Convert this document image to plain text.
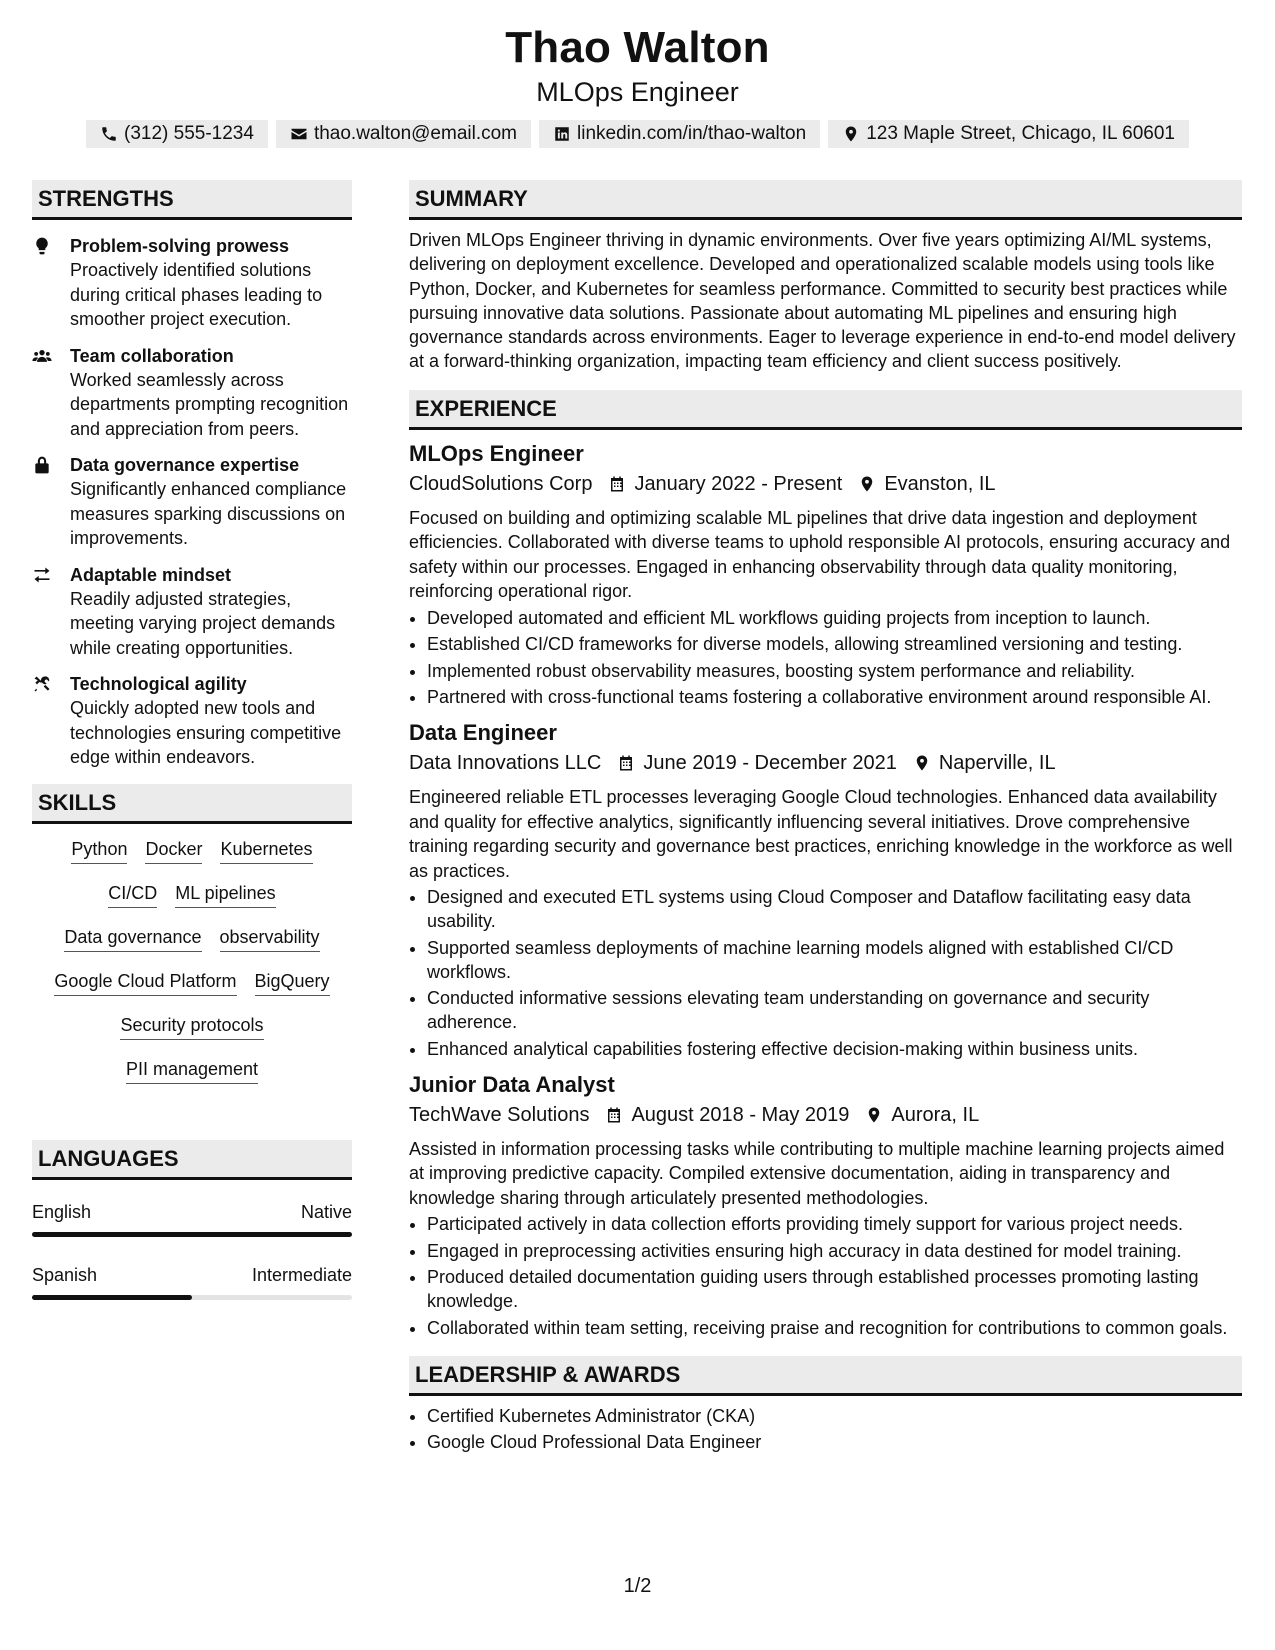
Thao Walton
MLOps Engineer
(312) 555-1234	thao.walton@email.com	linkedin.com/in/thao-walton	123 Maple Street, Chicago, IL 60601
STRENGTHS
Problem-solving prowess
Proactively identified solutions during critical phases leading to smoother project execution.
Team collaboration
Worked seamlessly across departments prompting recognition and appreciation from peers.
Data governance expertise
Significantly enhanced compliance measures sparking discussions on improvements.
Adaptable mindset
Readily adjusted strategies, meeting varying project demands while creating opportunities.
Technological agility
Quickly adopted new tools and technologies ensuring competitive edge within endeavors.
SKILLS
Python Docker Kubernetes
CI/CD ML pipelines
Data governance observability
Google Cloud Platform BigQuery
Security protocols
PII management
LANGUAGES
English	Native
Spanish	Intermediate
SUMMARY
Driven MLOps Engineer thriving in dynamic environments. Over five years optimizing AI/ML systems, delivering on deployment excellence. Developed and operationalized scalable models using tools like Python, Docker, and Kubernetes for seamless performance. Committed to security best practices while pursuing innovative data solutions. Passionate about automating ML pipelines and ensuring high governance standards across environments. Eager to leverage experience in end-to-end model delivery at a forward-thinking organization, impacting team efficiency and client success positively.
EXPERIENCE
MLOps Engineer
CloudSolutions Corp January 2022 - Present Evanston, IL
Focused on building and optimizing scalable ML pipelines that drive data ingestion and deployment efficiencies. Collaborated with diverse teams to uphold responsible AI protocols, ensuring accuracy and safety within our processes. Engaged in enhancing observability through data quality monitoring, reinforcing operational rigor.
• Developed automated and efficient ML workflows guiding projects from inception to launch.
• Established CI/CD frameworks for diverse models, allowing streamlined versioning and testing.
• Implemented robust observability measures, boosting system performance and reliability.
• Partnered with cross-functional teams fostering a collaborative environment around responsible AI.
Data Engineer
Data Innovations LLC June 2019 - December 2021 Naperville, IL
Engineered reliable ETL processes leveraging Google Cloud technologies. Enhanced data availability and quality for effective analytics, significantly influencing several initiatives. Drove comprehensive training regarding security and governance best practices, enriching knowledge in the workforce as well as practices.
• Designed and executed ETL systems using Cloud Composer and Dataflow facilitating easy data usability.
• Supported seamless deployments of machine learning models aligned with established CI/CD workflows.
• Conducted informative sessions elevating team understanding on governance and security adherence.
• Enhanced analytical capabilities fostering effective decision-making within business units.
Junior Data Analyst
TechWave Solutions August 2018 - May 2019 Aurora, IL
Assisted in information processing tasks while contributing to multiple machine learning projects aimed at improving predictive capacity. Compiled extensive documentation, aiding in transparency and knowledge sharing through articulately presented methodologies.
• Participated actively in data collection efforts providing timely support for various project needs.
• Engaged in preprocessing activities ensuring high accuracy in data destined for model training.
• Produced detailed documentation guiding users through established processes promoting lasting knowledge.
• Collaborated within team setting, receiving praise and recognition for contributions to common goals.
LEADERSHIP & AWARDS
• Certified Kubernetes Administrator (CKA)
• Google Cloud Professional Data Engineer
1/2
